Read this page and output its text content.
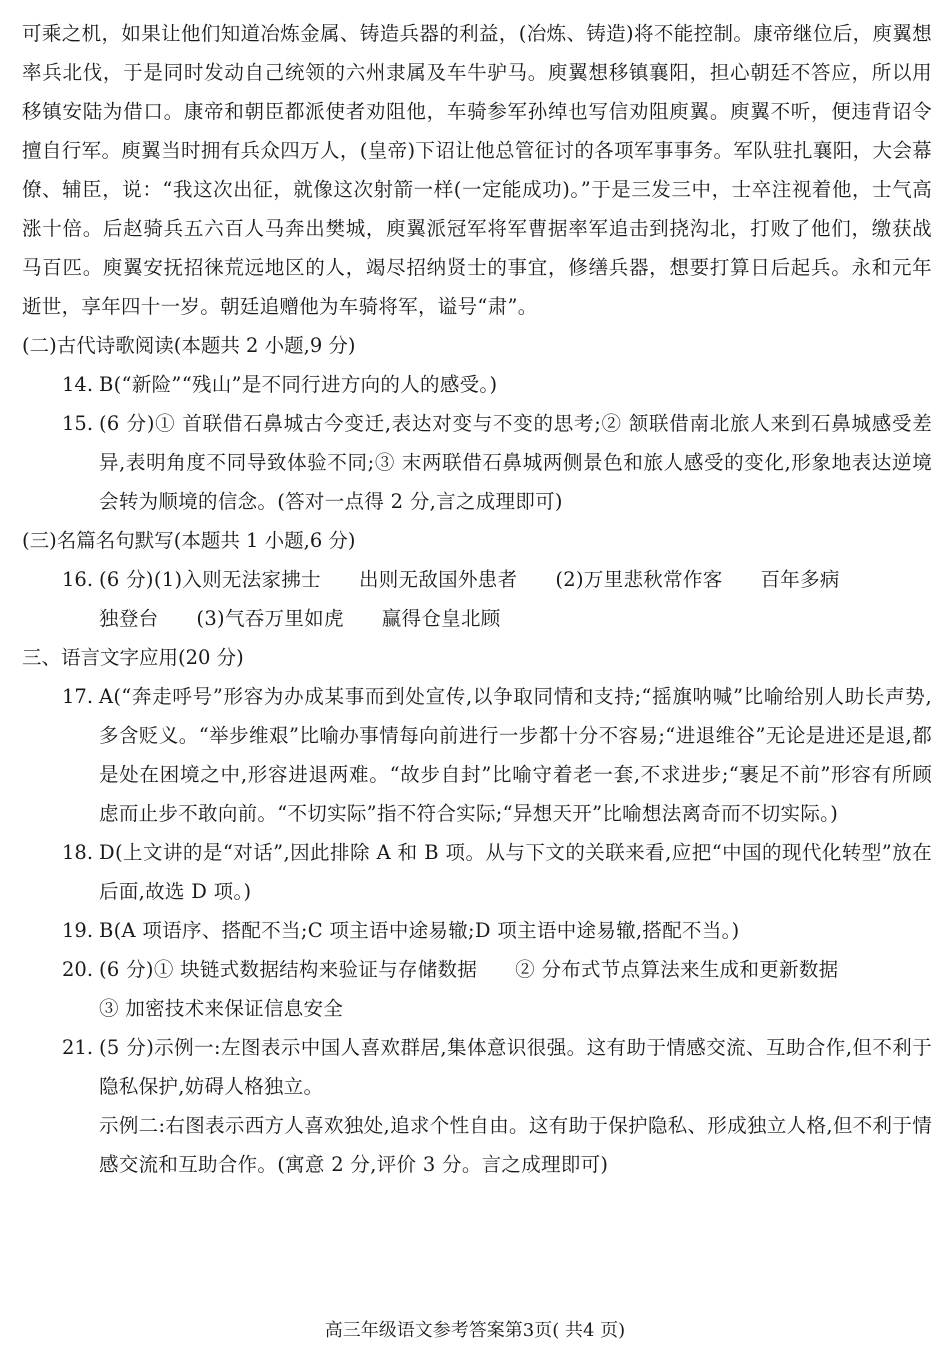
可乘之机，如果让他们知道冶炼金属、铸造兵器的利益，(冶炼、铸造)将不能控制。康帝继位后，庾翼想率兵北伐，于是同时发动自己统领的六州隶属及车牛驴马。庾翼想移镇襄阳，担心朝廷不答应，所以用移镇安陆为借口。康帝和朝臣都派使者劝阻他，车骑参军孙绰也写信劝阻庾翼。庾翼不听，便违背诏令擅自行军。庾翼当时拥有兵众四万人，(皇帝)下诏让他总管征讨的各项军事事务。军队驻扎襄阳，大会幕僚、辅臣，说：“我这次出征，就像这次射箭一样(一定能成功)。”于是三发三中，士卒注视着他，士气高涨十倍。后赵骑兵五六百人马奔出樊城，庾翼派冠军将军曹据率军追击到挠沟北，打败了他们，缴获战马百匹。庾翼安抚招徕荒远地区的人，竭尽招纳贤士的事宜，修缮兵器，想要打算日后起兵。永和元年逝世，享年四十一岁。朝廷追赠他为车骑将军，谥号“肃”。

(二)古代诗歌阅读(本题共 2 小题,9 分)

14. B(“新险”“残山”是不同行进方向的人的感受。)
15. (6 分)① 首联借石鼻城古今变迁,表达对变与不变的思考;② 颔联借南北旅人来到石鼻城感受差异,表明角度不同导致体验不同;③ 末两联借石鼻城两侧景色和旅人感受的变化,形象地表达逆境会转为顺境的信念。(答对一点得 2 分,言之成理即可)

(三)名篇名句默写(本题共 1 小题,6 分)

16. (6 分)(1)入则无法家拂士 出则无敌国外患者 (2)万里悲秋常作客 百年多病
独登台 (3)气吞万里如虎 赢得仓皇北顾

三、语言文字应用(20 分)

17. A(“奔走呼号”形容为办成某事而到处宣传,以争取同情和支持;“摇旗呐喊”比喻给别人助长声势,多含贬义。“举步维艰”比喻办事情每向前进行一步都十分不容易;“进退维谷”无论是进还是退,都是处在困境之中,形容进退两难。“故步自封”比喻守着老一套,不求进步;“裹足不前”形容有所顾虑而止步不敢向前。“不切实际”指不符合实际;“异想天开”比喻想法离奇而不切实际。)
18. D(上文讲的是“对话”,因此排除 A 和 B 项。从与下文的关联来看,应把“中国的现代化转型”放在后面,故选 D 项。)
19. B(A 项语序、搭配不当;C 项主语中途易辙;D 项主语中途易辙,搭配不当。)
20. (6 分)① 块链式数据结构来验证与存储数据 ② 分布式节点算法来生成和更新数据
③ 加密技术来保证信息安全
21. (5 分)示例一:左图表示中国人喜欢群居,集体意识很强。这有助于情感交流、互助合作,但不利于隐私保护,妨碍人格独立。

示例二:右图表示西方人喜欢独处,追求个性自由。这有助于保护隐私、形成独立人格,但不利于情感交流和互助合作。(寓意 2 分,评价 3 分。言之成理即可)

高三年级语文参考答案第3页( 共4 页)
